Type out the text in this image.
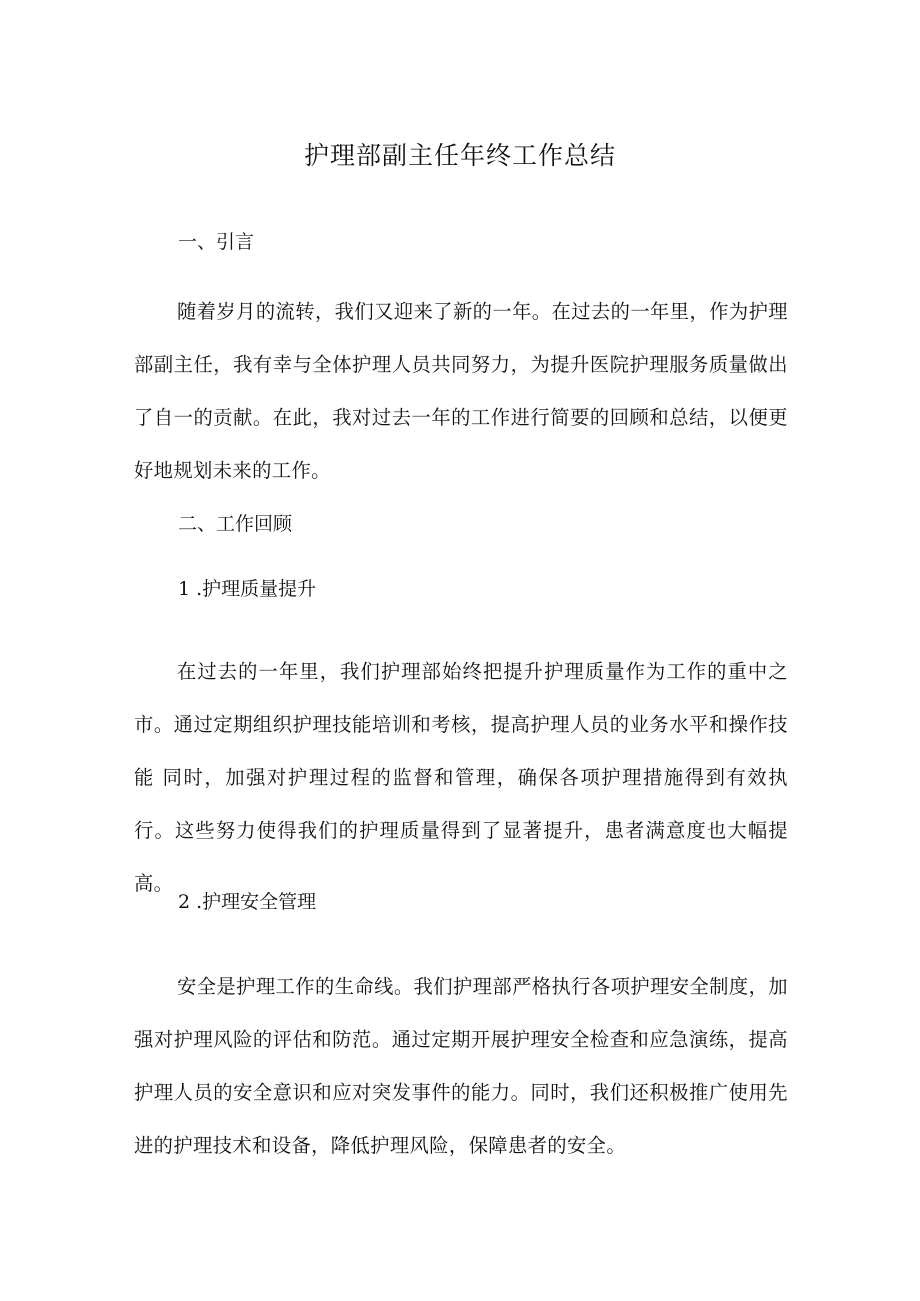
护理部副主任年终工作总结

一、引言

随着岁月的流转，我们又迎来了新的一年。在过去的一年里，作为护理部副主任，我有幸与全体护理人员共同努力，为提升医院护理服务质量做出了自一的贡献。在此，我对过去一年的工作进行简要的回顾和总结，以便更好地规划未来的工作。

二、工作回顾

1 .护理质量提升

在过去的一年里，我们护理部始终把提升护理质量作为工作的重中之市。通过定期组织护理技能培训和考核，提高护理人员的业务水平和操作技能 同时，加强对护理过程的监督和管理，确保各项护理措施得到有效执行。这些努力使得我们的护理质量得到了显著提升，患者满意度也大幅提高。

2 .护理安全管理

安全是护理工作的生命线。我们护理部严格执行各项护理安全制度，加强对护理风险的评估和防范。通过定期开展护理安全检查和应急演练，提高护理人员的安全意识和应对突发事件的能力。同时，我们还积极推广使用先进的护理技术和设备，降低护理风险，保障患者的安全。
